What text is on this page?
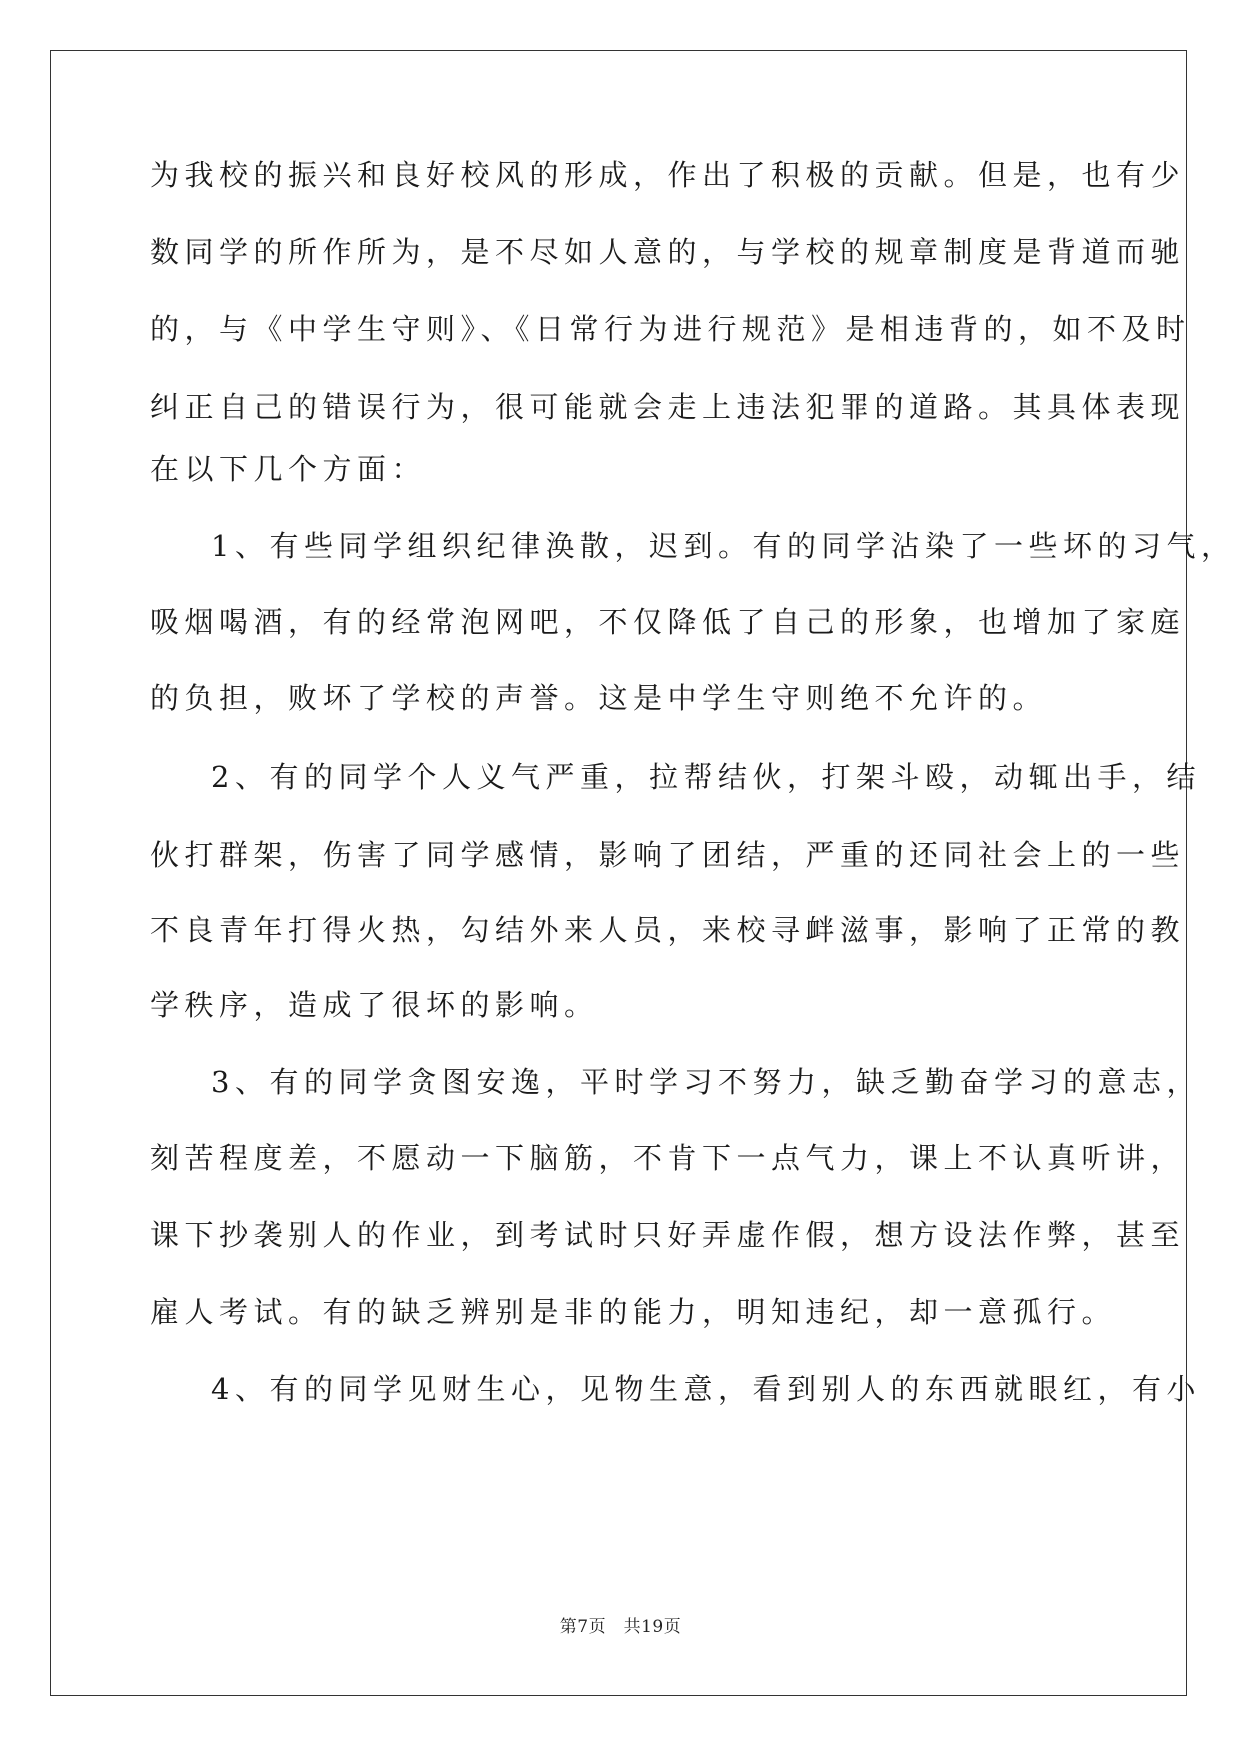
为我校的振兴和良好校风的形成，作出了积极的贡献。但是，也有少
数同学的所作所为，是不尽如人意的，与学校的规章制度是背道而驰
的，与《中学生守则》、《日常行为进行规范》是相违背的，如不及时
纠正自己的错误行为，很可能就会走上违法犯罪的道路。其具体表现
在以下几个方面：
1、有些同学组织纪律涣散，迟到。有的同学沾染了一些坏的习气，
吸烟喝酒，有的经常泡网吧，不仅降低了自己的形象，也增加了家庭
的负担，败坏了学校的声誉。这是中学生守则绝不允许的。
2、有的同学个人义气严重，拉帮结伙，打架斗殴，动辄出手，结
伙打群架，伤害了同学感情，影响了团结，严重的还同社会上的一些
不良青年打得火热，勾结外来人员，来校寻衅滋事，影响了正常的教
学秩序，造成了很坏的影响。
3、有的同学贪图安逸，平时学习不努力，缺乏勤奋学习的意志，
刻苦程度差，不愿动一下脑筋，不肯下一点气力，课上不认真听讲，
课下抄袭别人的作业，到考试时只好弄虚作假，想方设法作弊，甚至
雇人考试。有的缺乏辨别是非的能力，明知违纪，却一意孤行。
4、有的同学见财生心，见物生意，看到别人的东西就眼红，有小
第7页　共19页
